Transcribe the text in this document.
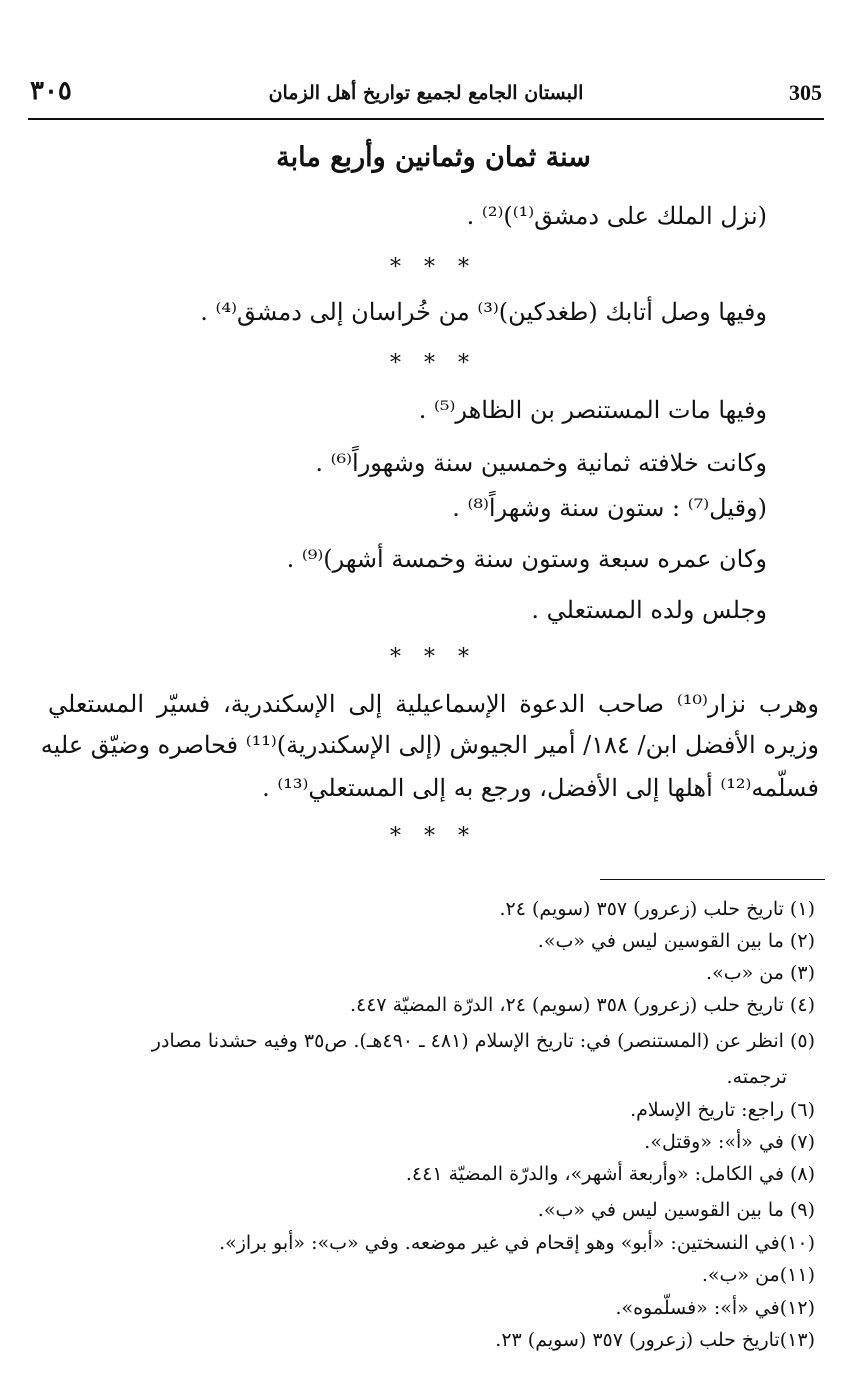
٣٠٥	البستان الجامع لجميع تواريخ أهل الزمان	305
سنة ثمان وثمانين وأربع مابة
(نزل الملك على دمشق⁽¹⁾)⁽²⁾ .
* * *
وفيها وصل أتابك (طغدكين)⁽³⁾ من خُراسان إلى دمشق⁽⁴⁾ .
* * *
وفيها مات المستنصر بن الظاهر⁽⁵⁾ .
وكانت خلافته ثمانية وخمسين سنة وشهوراً⁽⁶⁾ .
(وقيل⁽⁷⁾ : ستون سنة وشهراً⁽⁸⁾ .
وكان عمره سبعة وستون سنة وخمسة أشهر)⁽⁹⁾ .
وجلس ولده المستعلي .
* * *
وهرب نزار⁽¹⁰⁾ صاحب الدعوة الإسماعيلية إلى الإسكندرية، فسيّر المستعلي
وزيره الأفضل ابن/ ١٨٤/ أمير الجيوش (إلى الإسكندرية)⁽¹¹⁾ فحاصره وضيّق عليه
فسلّمه⁽¹²⁾ أهلها إلى الأفضل، ورجع به إلى المستعلي⁽¹³⁾ .
* * *
(١) تاريخ حلب (زعرور) ٣٥٧ (سويم) ٢٤.
(٢) ما بين القوسين ليس في «ب».
(٣) من «ب».
(٤) تاريخ حلب (زعرور) ٣٥٨ (سويم) ٢٤، الدرّة المضيّة ٤٤٧.
(٥) انظر عن (المستنصر) في: تاريخ الإسلام (٤٨١ ـ ٤٩٠هـ). ص٣٥ وفيه حشدنا مصادر
ترجمته.
(٦) راجع: تاريخ الإسلام.
(٧) في «أ»: «وقتل».
(٨) في الكامل: «وأربعة أشهر»، والدرّة المضيّة ٤٤١.
(٩) ما بين القوسين ليس في «ب».
(١٠)في النسختين: «أبو» وهو إقحام في غير موضعه. وفي «ب»: «أبو براز».
(١١)من «ب».
(١٢)في «أ»: «فسلّموه».
(١٣)تاريخ حلب (زعرور) ٣٥٧ (سويم) ٢٣.
